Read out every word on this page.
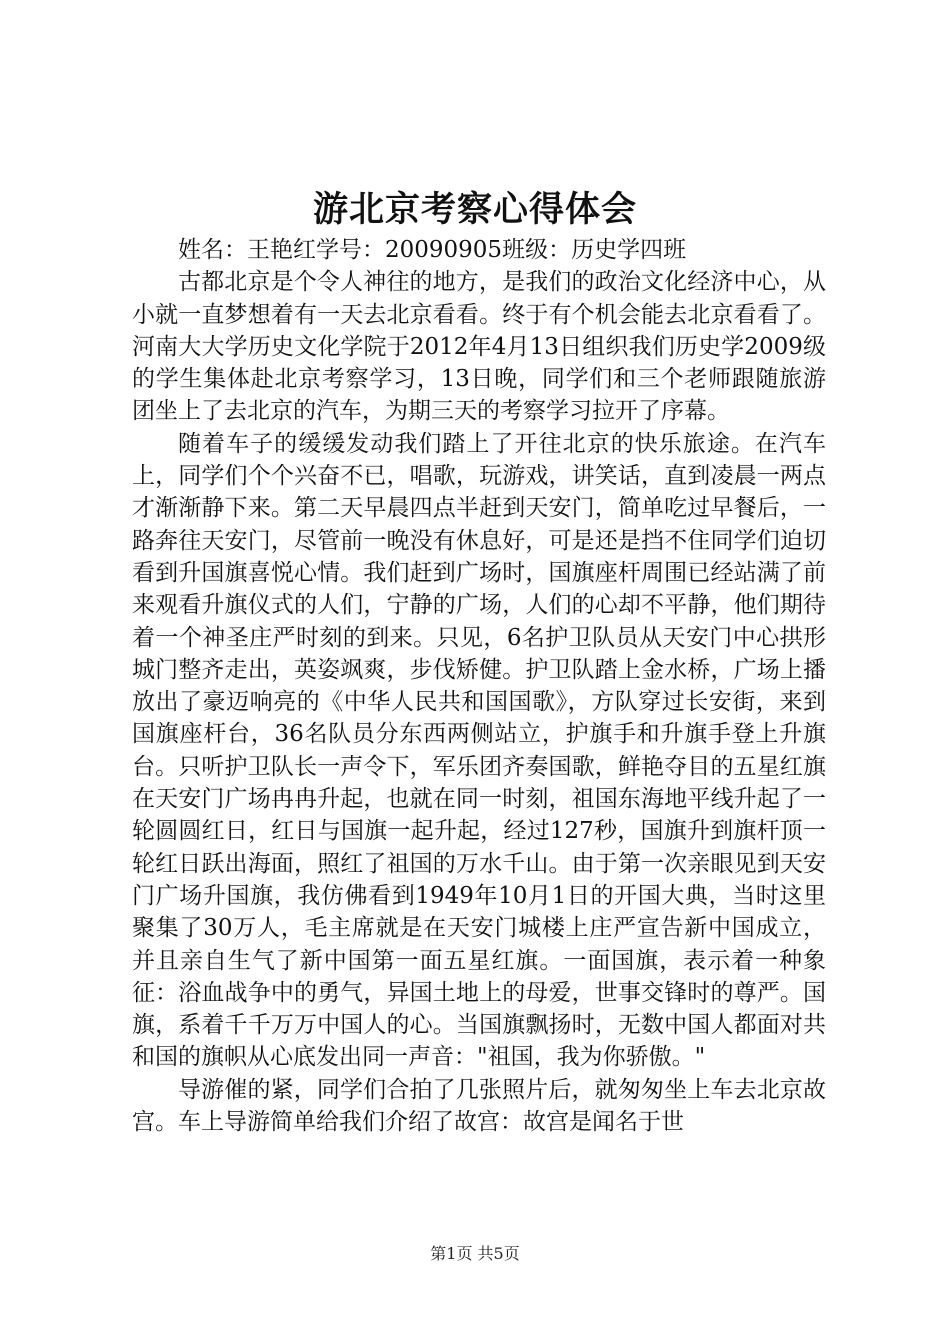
游北京考察心得体会
姓名：王艳红学号：20090905班级：历史学四班

古都北京是个令人神往的地方，是我们的政治文化经济中心，从小就一直梦想着有一天去北京看看。终于有个机会能去北京看看了。河南大大学历史文化学院于2012年4月13日组织我们历史学2009级的学生集体赴北京考察学习，13日晚，同学们和三个老师跟随旅游团坐上了去北京的汽车，为期三天的考察学习拉开了序幕。

随着车子的缓缓发动我们踏上了开往北京的快乐旅途。在汽车上，同学们个个兴奋不已，唱歌，玩游戏，讲笑话，直到凌晨一两点才渐渐静下来。第二天早晨四点半赶到天安门，简单吃过早餐后，一路奔往天安门，尽管前一晚没有休息好，可是还是挡不住同学们迫切看到升国旗喜悦心情。我们赶到广场时，国旗座杆周围已经站满了前来观看升旗仪式的人们，宁静的广场，人们的心却不平静，他们期待着一个神圣庄严时刻的到来。只见，6名护卫队员从天安门中心拱形城门整齐走出，英姿飒爽，步伐矫健。护卫队踏上金水桥，广场上播放出了豪迈响亮的《中华人民共和国国歌》，方队穿过长安街，来到国旗座杆台，36名队员分东西两侧站立，护旗手和升旗手登上升旗台。只听护卫队长一声令下，军乐团齐奏国歌，鲜艳夺目的五星红旗在天安门广场冉冉升起，也就在同一时刻，祖国东海地平线升起了一轮圆圆红日，红日与国旗一起升起，经过127秒，国旗升到旗杆顶一轮红日跃出海面，照红了祖国的万水千山。由于第一次亲眼见到天安门广场升国旗，我仿佛看到1949年10月1日的开国大典，当时这里聚集了30万人，毛主席就是在天安门城楼上庄严宣告新中国成立，并且亲自生气了新中国第一面五星红旗。一面国旗，表示着一种象征：浴血战争中的勇气，异国土地上的母爱，世事交锋时的尊严。国旗，系着千千万万中国人的心。当国旗飘扬时，无数中国人都面对共和国的旗帜从心底发出同一声音："祖国，我为你骄傲。"

导游催的紧，同学们合拍了几张照片后，就匆匆坐上车去北京故宫。车上导游简单给我们介绍了故宫：故宫是闻名于世

第1页 共5页
